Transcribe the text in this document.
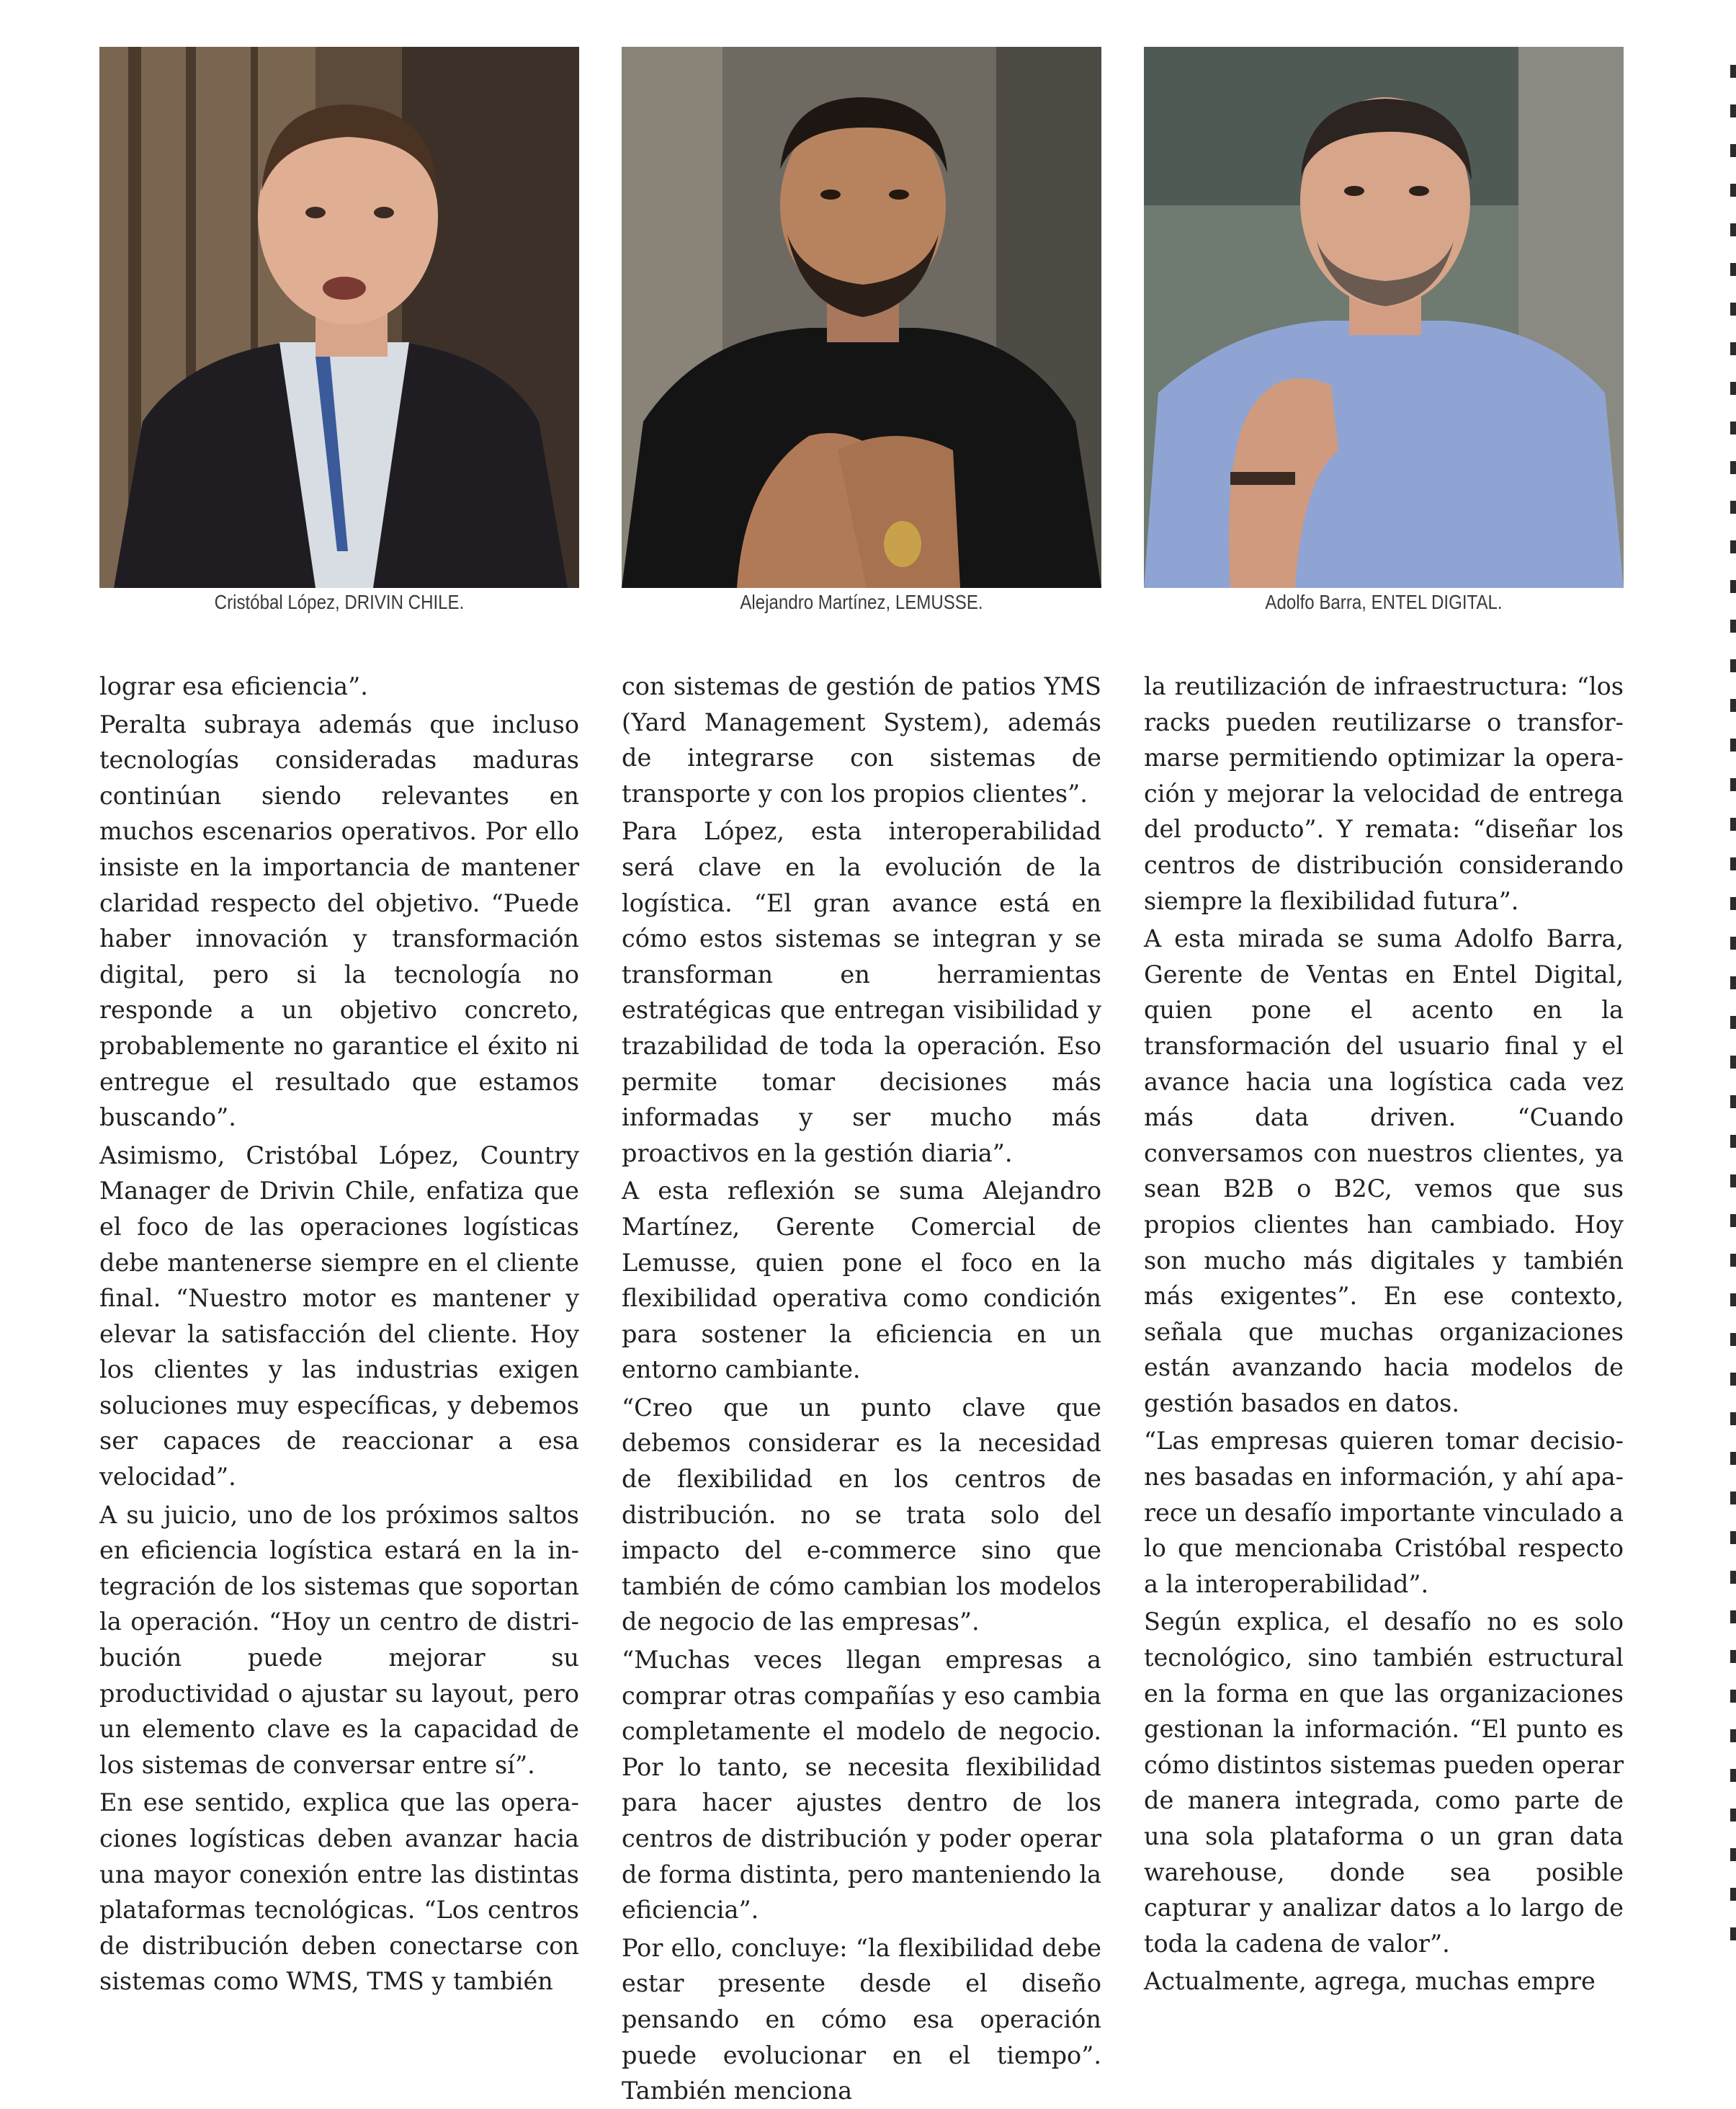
Cristóbal López, DRIVIN CHILE.	Alejandro Martínez, LEMUSSE.	Adolfo Barra, ENTEL DIGITAL.

lograr esa eficiencia”.

Peralta subraya además que incluso tecnologías consideradas maduras continúan siendo relevantes en muchos escenarios operativos. Por ello insiste en la importancia de mantener claridad respecto del objetivo. “Puede haber innovación y transformación digital, pero si la tecnología no responde a un objetivo concreto, probablemente no garantice el éxito ni entregue el resultado que estamos buscando”.

Asimismo, Cristóbal López, Country Manager de Drivin Chile, enfatiza que el foco de las operaciones logísticas debe mantenerse siempre en el cliente final. “Nuestro motor es mantener y elevar la satisfacción del cliente. Hoy los clientes y las industrias exigen soluciones muy específicas, y debemos ser capaces de reaccionar a esa velocidad”.

A su juicio, uno de los próximos saltos en eficiencia logística estará en la integración de los sistemas que soportan la operación. “Hoy un centro de distribución puede mejorar su productividad o ajustar su layout, pero un elemento clave es la capacidad de los sistemas de conversar entre sí”.

En ese sentido, explica que las operaciones logísticas deben avanzar hacia una mayor conexión entre las distintas plataformas tecnológicas. “Los centros de distribución deben conectarse con sistemas como WMS, TMS y también

con sistemas de gestión de patios YMS (Yard Management System), además de integrarse con sistemas de transporte y con los propios clientes”.

Para López, esta interoperabilidad será clave en la evolución de la logística. “El gran avance está en cómo estos sistemas se integran y se transforman en herramientas estratégicas que entregan visibilidad y trazabilidad de toda la operación. Eso permite tomar decisiones más informadas y ser mucho más proactivos en la gestión diaria”.

A esta reflexión se suma Alejandro Martínez, Gerente Comercial de Lemusse, quien pone el foco en la flexibilidad operativa como condición para sostener la eficiencia en un entorno cambiante.

“Creo que un punto clave que debemos considerar es la necesidad de flexibilidad en los centros de distribución. no se trata solo del impacto del e-commerce sino que también de cómo cambian los modelos de negocio de las empresas”.

“Muchas veces llegan empresas a comprar otras compañías y eso cambia completamente el modelo de negocio. Por lo tanto, se necesita flexibilidad para hacer ajustes dentro de los centros de distribución y poder operar de forma distinta, pero manteniendo la eficiencia”.

Por ello, concluye: “la flexibilidad debe estar presente desde el diseño pensando en cómo esa operación puede evolucionar en el tiempo”. También menciona

la reutilización de infraestructura: “los racks pueden reutilizarse o transformarse permitiendo optimizar la operación y mejorar la velocidad de entrega del producto”. Y remata: “diseñar los centros de distribución considerando siempre la flexibilidad futura”.

A esta mirada se suma Adolfo Barra, Gerente de Ventas en Entel Digital, quien pone el acento en la transformación del usuario final y el avance hacia una logística cada vez más data driven. “Cuando conversamos con nuestros clientes, ya sean B2B o B2C, vemos que sus propios clientes han cambiado. Hoy son mucho más digitales y también más exigentes”. En ese contexto, señala que muchas organizaciones están avanzando hacia modelos de gestión basados en datos.

“Las empresas quieren tomar decisiones basadas en información, y ahí aparece un desafío importante vinculado a lo que mencionaba Cristóbal respecto a la interoperabilidad”.

Según explica, el desafío no es solo tecnológico, sino también estructural en la forma en que las organizaciones gestionan la información. “El punto es cómo distintos sistemas pueden operar de manera integrada, como parte de una sola plataforma o un gran data warehouse, donde sea posible capturar y analizar datos a lo largo de toda la cadena de valor”.

Actualmente, agrega, muchas empre
